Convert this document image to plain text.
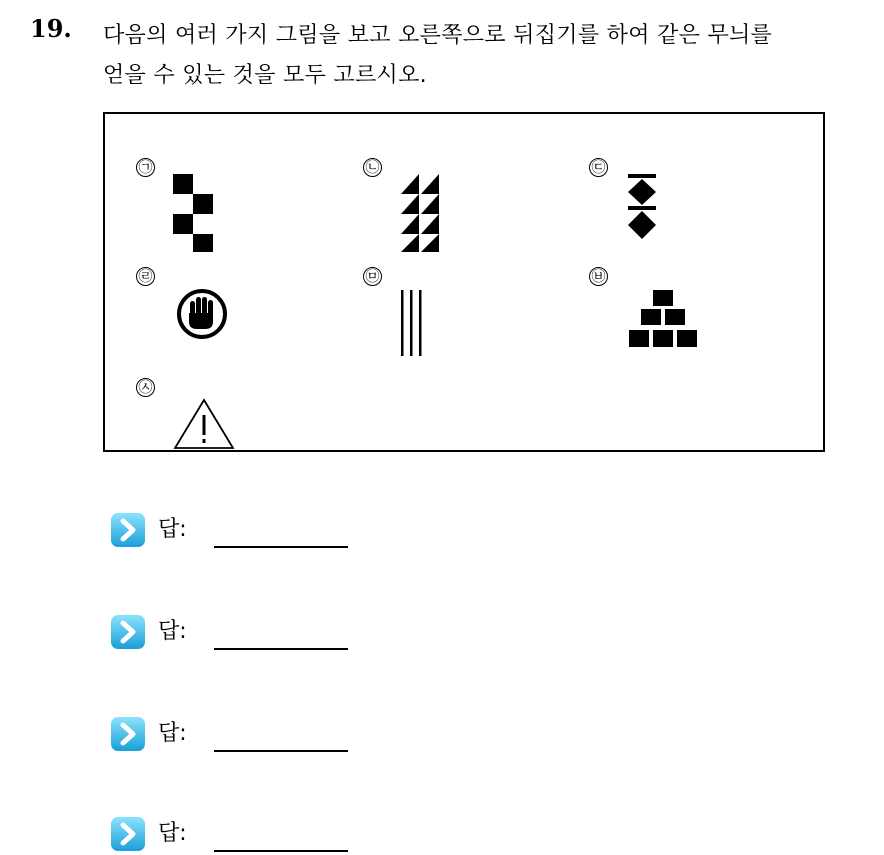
19. 다음의 여러 가지 그림을 보고 오른쪽으로 뒤집기를 하여 같은 무늬를
얻을 수 있는 것을 모두 고르시오.
㉠	㉡	㉢
㉣	㉤	㉥
㉦
답:
답:
답:
답:
